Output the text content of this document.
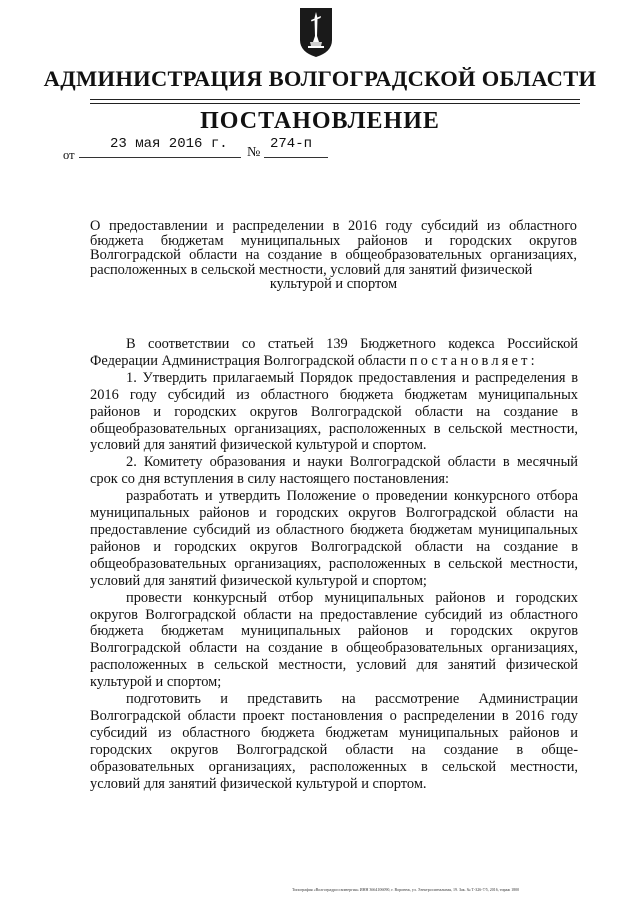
АДМИНИСТРАЦИЯ ВОЛГОГРАДСКОЙ ОБЛАСТИ
ПОСТАНОВЛЕНИЕ
от
23 мая 2016 г.
№
274-п
О предоставлении и распределении в 2016 году субсидий из областного бюджета бюджетам муниципальных районов и городских округов Волгоградской области на создание в общеобразовательных организациях, расположенных в сельской местности, условий для занятий физической
культурой и спортом

В соответствии со статьей 139 Бюджетного кодекса Российской Федерации Администрация Волгоградской области постановляет:

1. Утвердить прилагаемый Порядок предоставления и распределения в 2016 году субсидий из областного бюджета бюджетам муниципальных районов и городских округов Волгоградской области на создание в общеобразовательных организациях, расположенных в сельской местности, условий для занятий физической культурой и спортом.

2. Комитету образования и науки Волгоградской области в месячный срок со дня вступления в силу настоящего постановления:

разработать и утвердить Положение о проведении конкурсного отбора муниципальных районов и городских округов Волгоградской области на предоставление субсидий из областного бюджета бюджетам муниципальных районов и городских округов Волгоградской области на создание в общеобразовательных организациях, расположенных в сельской местности, условий для занятий физической культурой и спортом;

провести конкурсный отбор муниципальных районов и городских округов Волгоградской области на предоставление субсидий из областного бюджета бюджетам муниципальных районов и городских округов Волгоградской области на создание в общеобразовательных организациях, расположенных в сельской местности, условий для занятий физической культурой и спортом;

подготовить и представить на рассмотрение Администрации Волгоградской области проект постановления о распределении в 2016 году субсидий из областного бюджета бюджетам муниципальных районов и городских округов Волгоградской области на создание в обще-образовательных организациях, расположенных в сельской местности, условий для занятий физической культурой и спортом.

Типография «Волгоградроссмэнергия» ИНН 3664106090, г. Воронеж, ул. Электросигнальная, 19. Зак. № Т-326-7/5, 2016, тираж 1800
